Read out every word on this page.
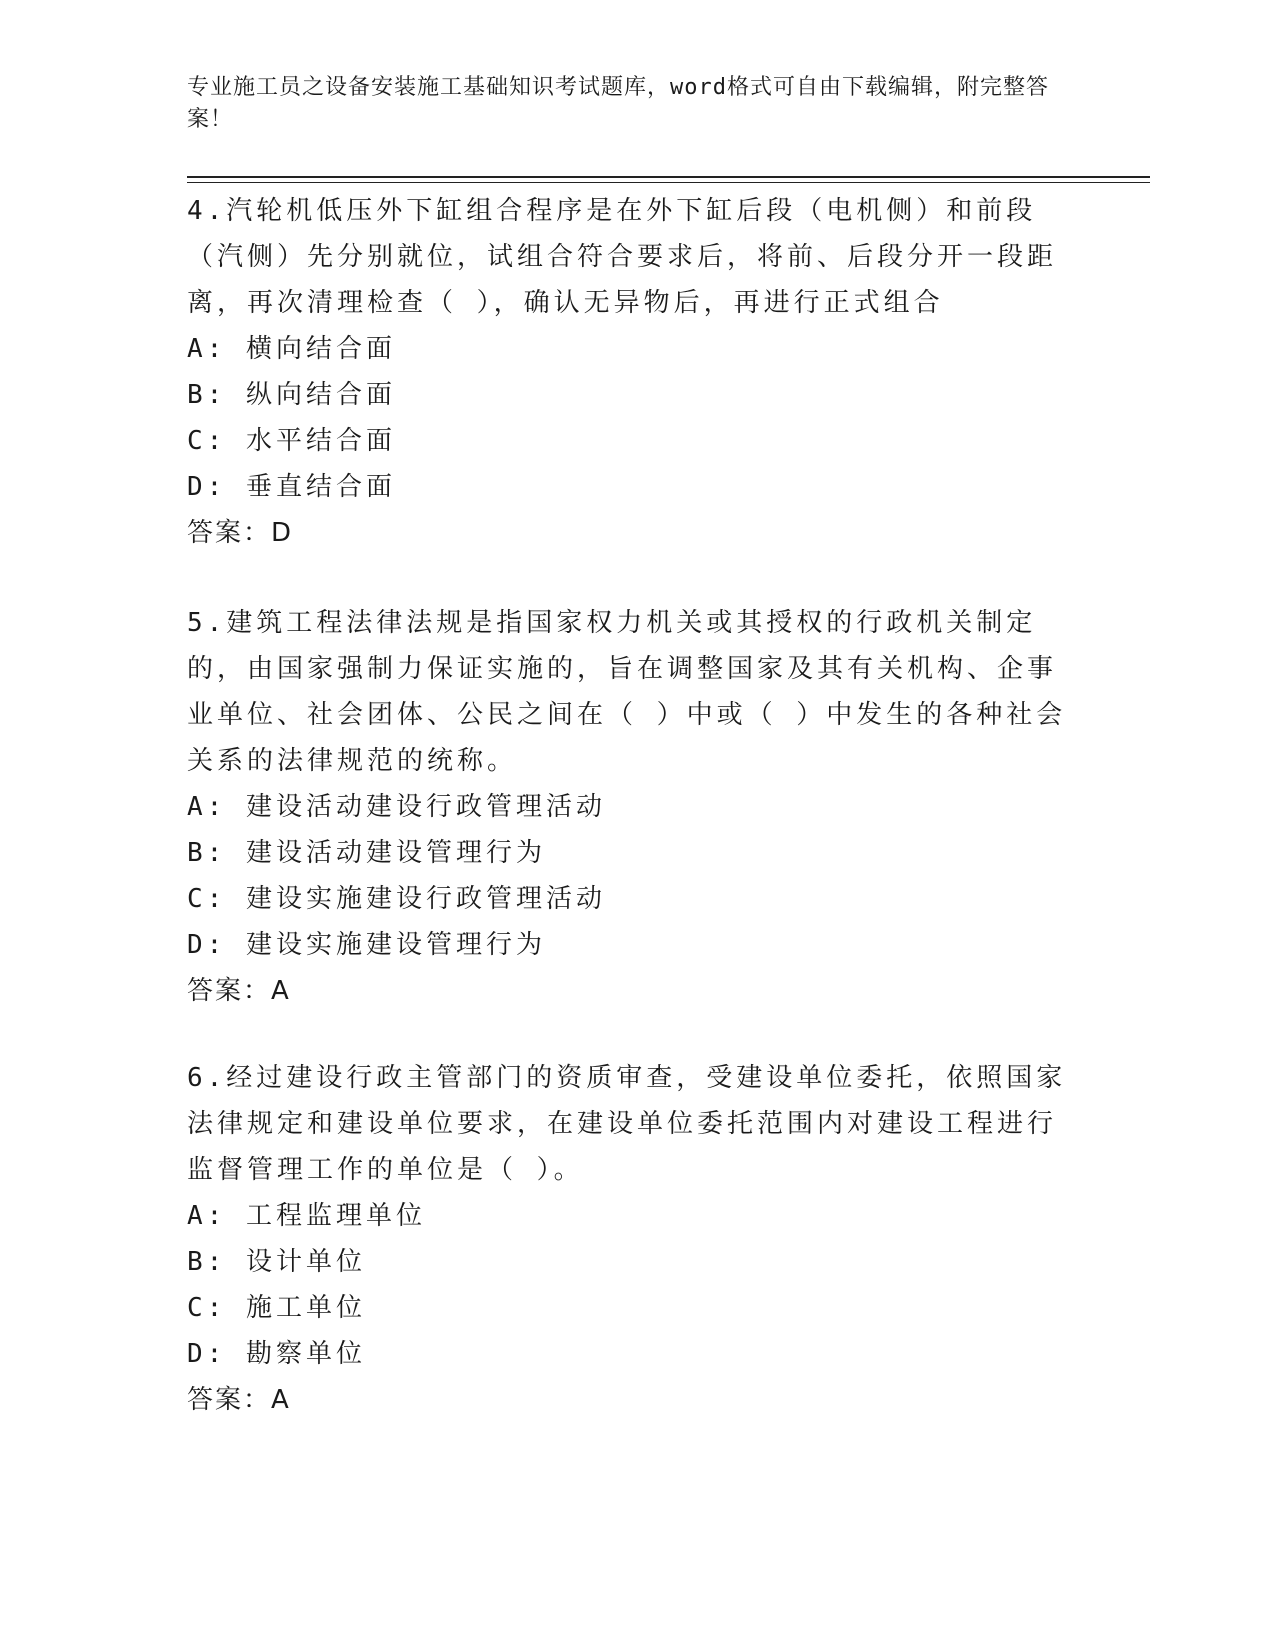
专业施工员之设备安装施工基础知识考试题库，word格式可自由下载编辑，附完整答案！

4.汽轮机低压外下缸组合程序是在外下缸后段（电机侧）和前段（汽侧）先分别就位，试组合符合要求后，将前、后段分开一段距离，再次清理检查（ ），确认无异物后，再进行正式组合

A: 横向结合面

B: 纵向结合面

C: 水平结合面

D: 垂直结合面

答案：D

5.建筑工程法律法规是指国家权力机关或其授权的行政机关制定的，由国家强制力保证实施的，旨在调整国家及其有关机构、企事业单位、社会团体、公民之间在（ ）中或（ ）中发生的各种社会关系的法律规范的统称。

A: 建设活动建设行政管理活动

B: 建设活动建设管理行为

C: 建设实施建设行政管理活动

D: 建设实施建设管理行为

答案：A

6.经过建设行政主管部门的资质审查，受建设单位委托，依照国家法律规定和建设单位要求，在建设单位委托范围内对建设工程进行监督管理工作的单位是（ ）。

A: 工程监理单位

B: 设计单位

C: 施工单位

D: 勘察单位

答案：A
